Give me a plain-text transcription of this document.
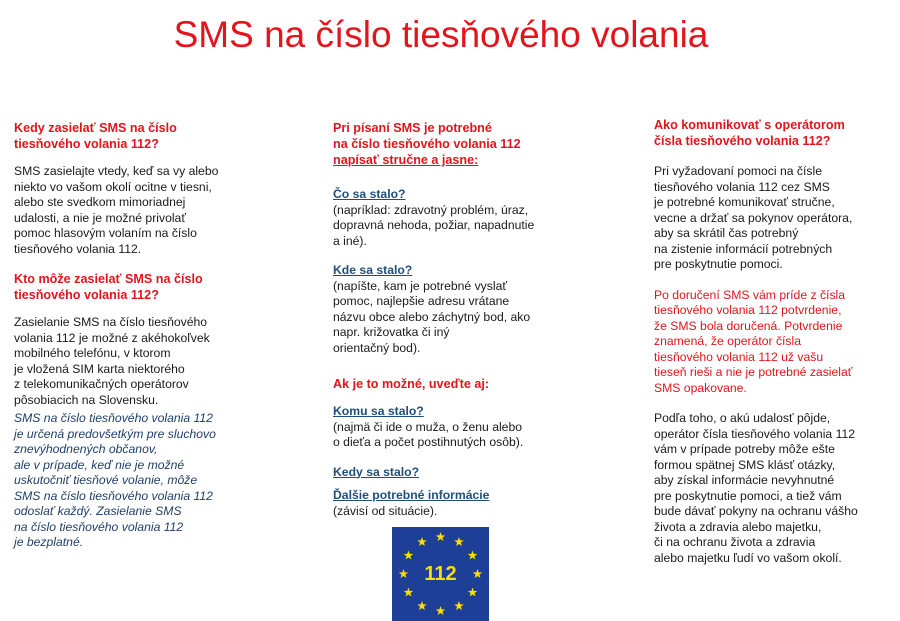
SMS na číslo tiesňového volania

Kedy zasielať SMS na číslo
tiesňového volania 112?

SMS zasielajte vtedy, keď sa vy alebo
niekto vo vašom okolí ocitne v tiesni,
alebo ste svedkom mimoriadnej
udalosti, a nie je možné privolať
pomoc hlasovým volaním na číslo
tiesňového volania 112.

Kto môže zasielať SMS na číslo
tiesňového volania 112?

Zasielanie SMS na číslo tiesňového
volania 112 je možné z akéhokoľvek
mobilného telefónu, v ktorom
je vložená SIM karta niektorého
z telekomunikačných operátorov
pôsobiacich na Slovensku.

SMS na číslo tiesňového volania 112
je určená predovšetkým pre sluchovo
znevýhodnených občanov,
ale v prípade, keď nie je možné
uskutočniť tiesňové volanie, môže
SMS na číslo tiesňového volania 112
odoslať každý. Zasielanie SMS
na číslo tiesňového volania 112
je bezplatné.

Pri písaní SMS je potrebné
na číslo tiesňového volania 112
napísať stručne a jasne:

Čo sa stalo?
(napríklad: zdravotný problém, úraz,
dopravná nehoda, požiar, napadnutie
a iné).

Kde sa stalo?
(napíšte, kam je potrebné vyslať
pomoc, najlepšie adresu vrátane
názvu obce alebo záchytný bod, ako
napr. križovatka či iný
orientačný bod).

Ak je to možné, uveďte aj:

Komu sa stalo?
(najmä či ide o muža, o ženu alebo
o dieťa a počet postihnutých osôb).

Kedy sa stalo?

Ďalšie potrebné informácie
(závisí od situácie).

112

Ako komunikovať s operátorom
čísla tiesňového volania 112?

Pri vyžadovaní pomoci na čísle
tiesňového volania 112 cez SMS
je potrebné komunikovať stručne,
vecne a držať sa pokynov operátora,
aby sa skrátil čas potrebný
na zistenie informácií potrebných
pre poskytnutie pomoci.

Po doručení SMS vám príde z čísla
tiesňového volania 112 potvrdenie,
že SMS bola doručená. Potvrdenie
znamená, že operátor čísla
tiesňového volania 112 už vašu
tieseň rieši a nie je potrebné zasielať
SMS opakovane.

Podľa toho, o akú udalosť pôjde,
operátor čísla tiesňového volania 112
vám v prípade potreby môže ešte
formou spätnej SMS klásť otázky,
aby získal informácie nevyhnutné
pre poskytnutie pomoci, a tiež vám
bude dávať pokyny na ochranu vášho
života a zdravia alebo majetku,
či na ochranu života a zdravia
alebo majetku ľudí vo vašom okolí.
